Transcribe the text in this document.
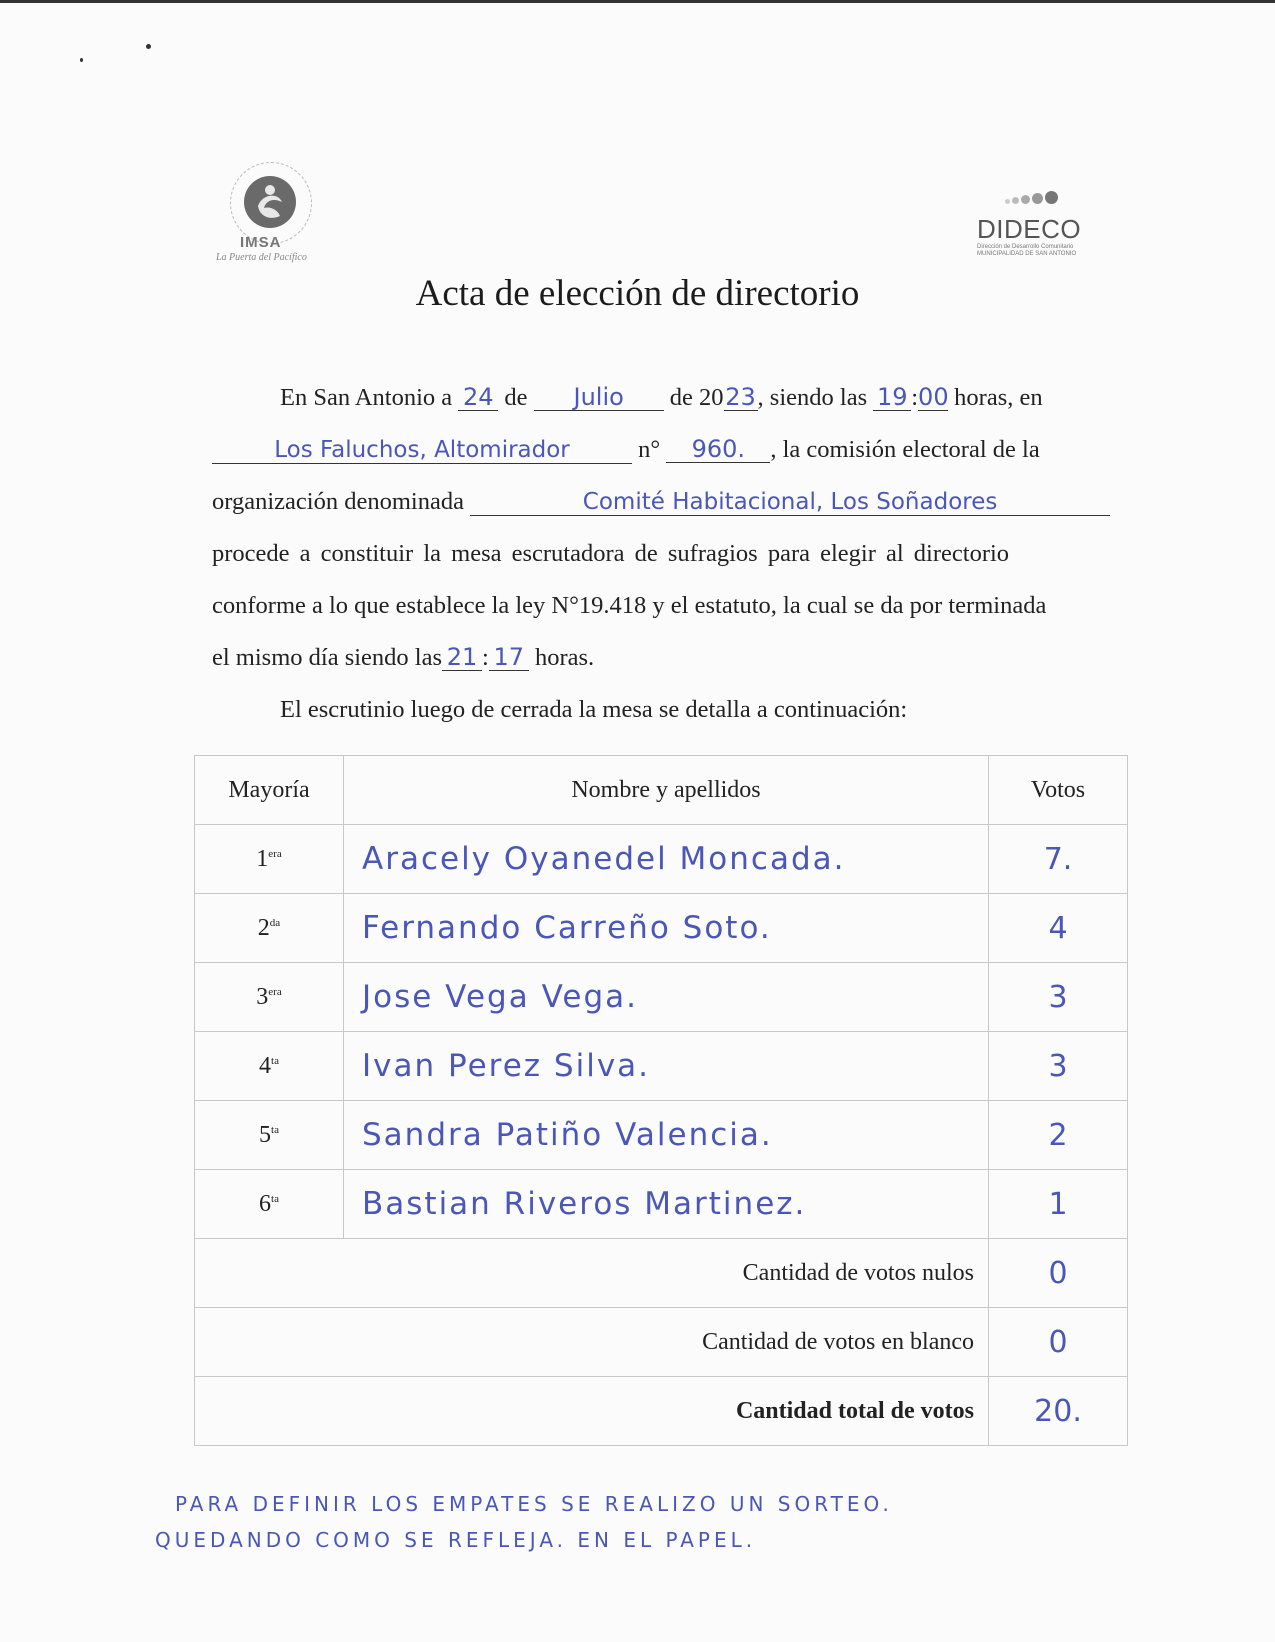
IMSA
La Puerta del Pacífico
DIDECO
Dirección de Desarrollo Comunitario
MUNICIPALIDAD DE SAN ANTONIO
Acta de elección de directorio
En San Antonio a 24 de Julio de 2023, siendo las 19 :00 horas, en
Los Faluchos, Altomirador	n° 960. , la comisión electoral de la
organización denominada	Comité Habitacional, Los Soñadores
procede a constituir la mesa escrutadora de sufragios para elegir al directorio
conforme a lo que establece la ley N°19.418 y el estatuto, la cual se da por terminada
el mismo día siendo las 21 : 17 horas.
El escrutinio luego de cerrada la mesa se detalla a continuación:
Mayoría	Nombre y apellidos	Votos
$1^{era}$	Aracely Oyanedel Moncada.	7.
$2^{da}$	Fernando Carreño Soto.	4
$3^{era}$	Jose Vega Vega.	3
$4^{ta}$	Ivan Perez Silva.	3
$5^{ta}$	Sandra Patiño Valencia.	2
$6^{ta}$	Bastian Riveros Martinez.	1
Cantidad de votos nulos		0
Cantidad de votos en blanco		0
Cantidad total de votos		20.
PARA DEFINIR LOS EMPATES SE REALIZO UN SORTEO.
QUEDANDO COMO SE REFLEJA. EN EL PAPEL.
